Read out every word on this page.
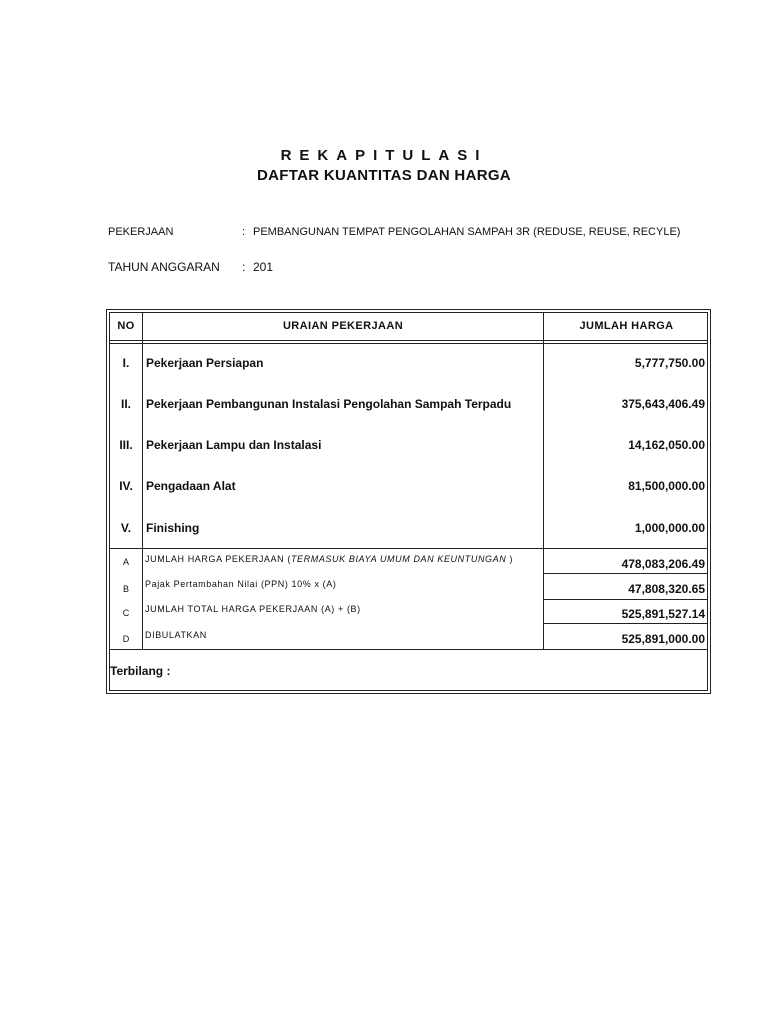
REKAPITULASI
DAFTAR KUANTITAS DAN HARGA
PEKERJAAN	: PEMBANGUNAN TEMPAT PENGOLAHAN SAMPAH 3R (REDUSE, REUSE, RECYLE)
TAHUN ANGGARAN : 201
NO	URAIAN PEKERJAAN	JUMLAH HARGA
I.	Pekerjaan Persiapan	5,777,750.00
II.	Pekerjaan Pembangunan Instalasi Pengolahan Sampah Terpadu	375,643,406.49
III.	Pekerjaan Lampu dan Instalasi	14,162,050.00
IV.	Pengadaan Alat	81,500,000.00
V.	Finishing	1,000,000.00
A	JUMLAH HARGA PEKERJAAN (TERMASUK BIAYA UMUM DAN KEUNTUNGAN )	478,083,206.49
B	Pajak Pertambahan Nilai (PPN) 10% x (A)	47,808,320.65
C	JUMLAH TOTAL HARGA PEKERJAAN (A) + (B)	525,891,527.14
D	DIBULATKAN	525,891,000.00
Terbilang :
